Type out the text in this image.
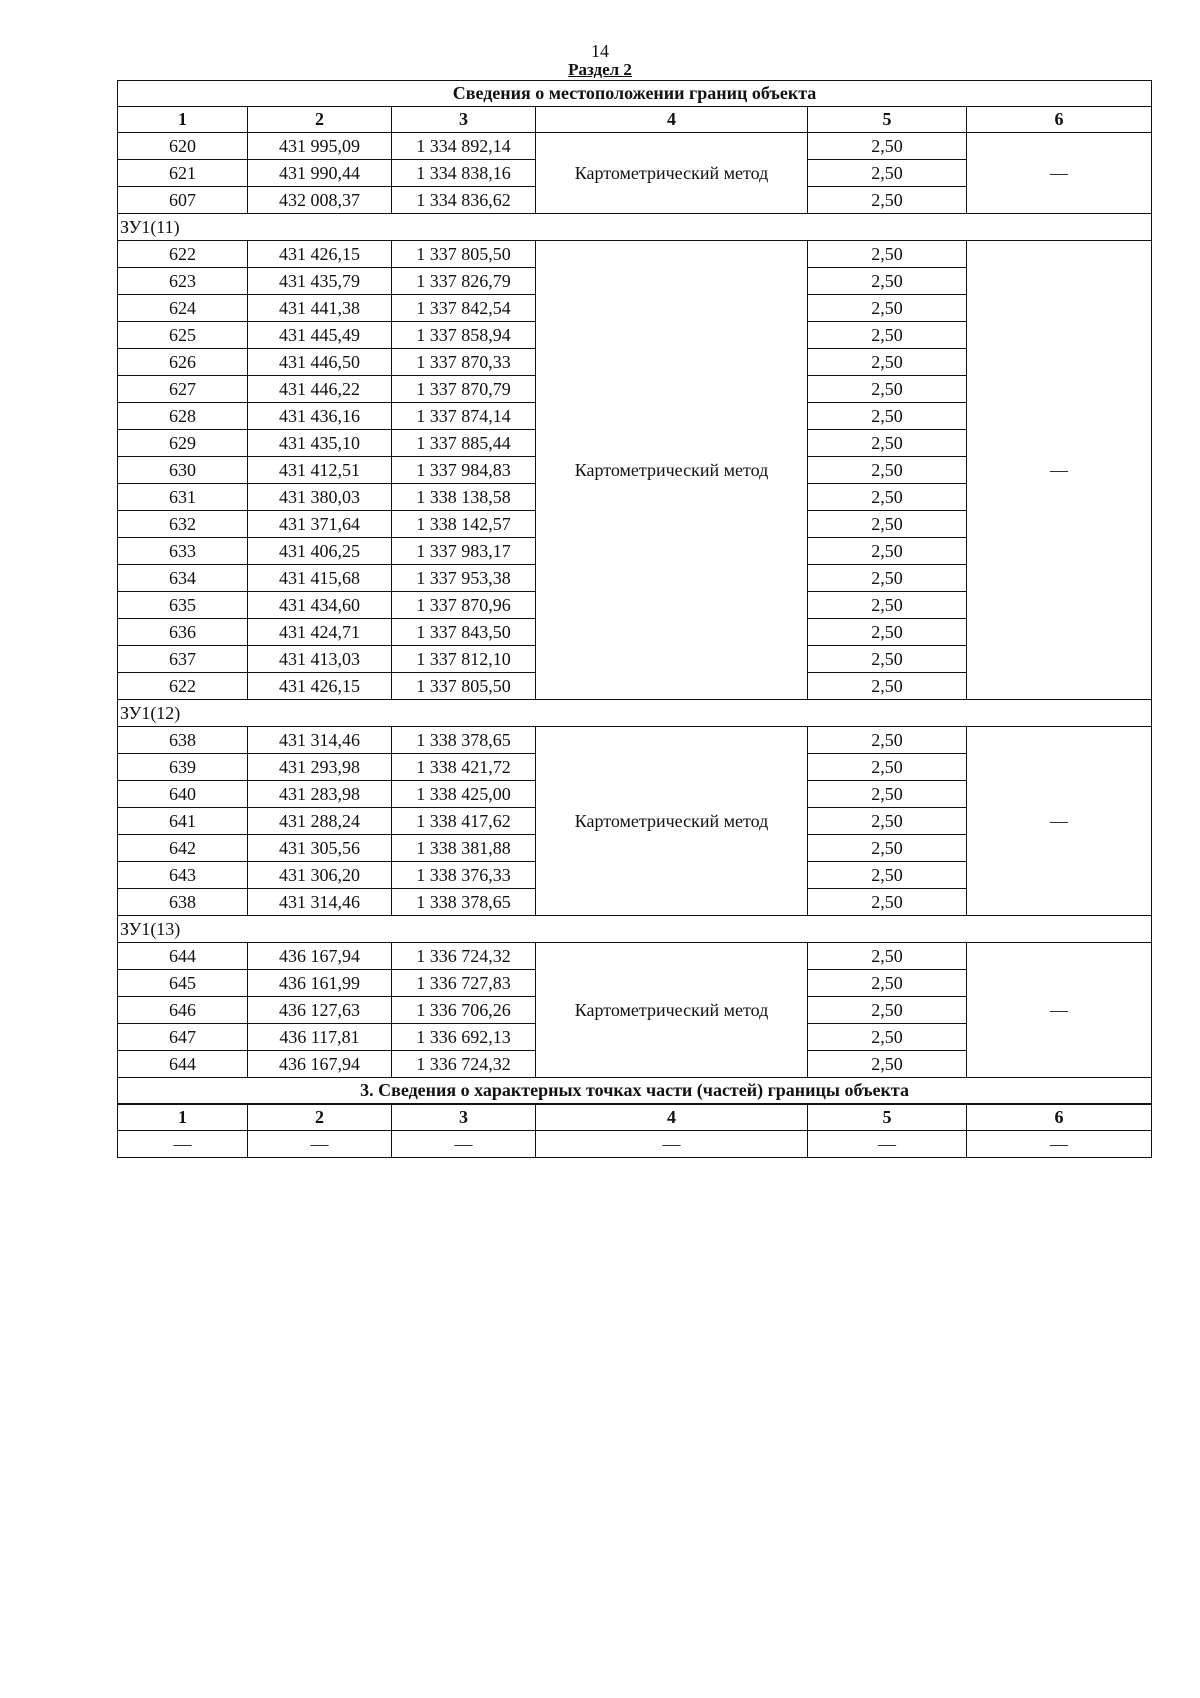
14
Раздел 2
Сведения о местоположении границ объекта					
1	2	3	4	5	6
620	431 995,09	1 334 892,14	Картометрический метод	2,50	—
621	431 990,44	1 334 838,16		2,50	
607	432 008,37	1 334 836,62		2,50	
ЗУ1(11)					
622	431 426,15	1 337 805,50	Картометрический метод	2,50	—
623	431 435,79	1 337 826,79		2,50	
624	431 441,38	1 337 842,54		2,50	
625	431 445,49	1 337 858,94		2,50	
626	431 446,50	1 337 870,33		2,50	
627	431 446,22	1 337 870,79		2,50	
628	431 436,16	1 337 874,14		2,50	
629	431 435,10	1 337 885,44		2,50	
630	431 412,51	1 337 984,83		2,50	
631	431 380,03	1 338 138,58		2,50	
632	431 371,64	1 338 142,57		2,50	
633	431 406,25	1 337 983,17		2,50	
634	431 415,68	1 337 953,38		2,50	
635	431 434,60	1 337 870,96		2,50	
636	431 424,71	1 337 843,50		2,50	
637	431 413,03	1 337 812,10		2,50	
622	431 426,15	1 337 805,50		2,50	
ЗУ1(12)					
638	431 314,46	1 338 378,65	Картометрический метод	2,50	—
639	431 293,98	1 338 421,72		2,50	
640	431 283,98	1 338 425,00		2,50	
641	431 288,24	1 338 417,62		2,50	
642	431 305,56	1 338 381,88		2,50	
643	431 306,20	1 338 376,33		2,50	
638	431 314,46	1 338 378,65		2,50	
ЗУ1(13)					
644	436 167,94	1 336 724,32	Картометрический метод	2,50	—
645	436 161,99	1 336 727,83		2,50	
646	436 127,63	1 336 706,26		2,50	
647	436 117,81	1 336 692,13		2,50	
644	436 167,94	1 336 724,32		2,50	
3. Сведения о характерных точках части (частей) границы объекта					
1	2	3	4	5	6
—	—	—	—	—	—
